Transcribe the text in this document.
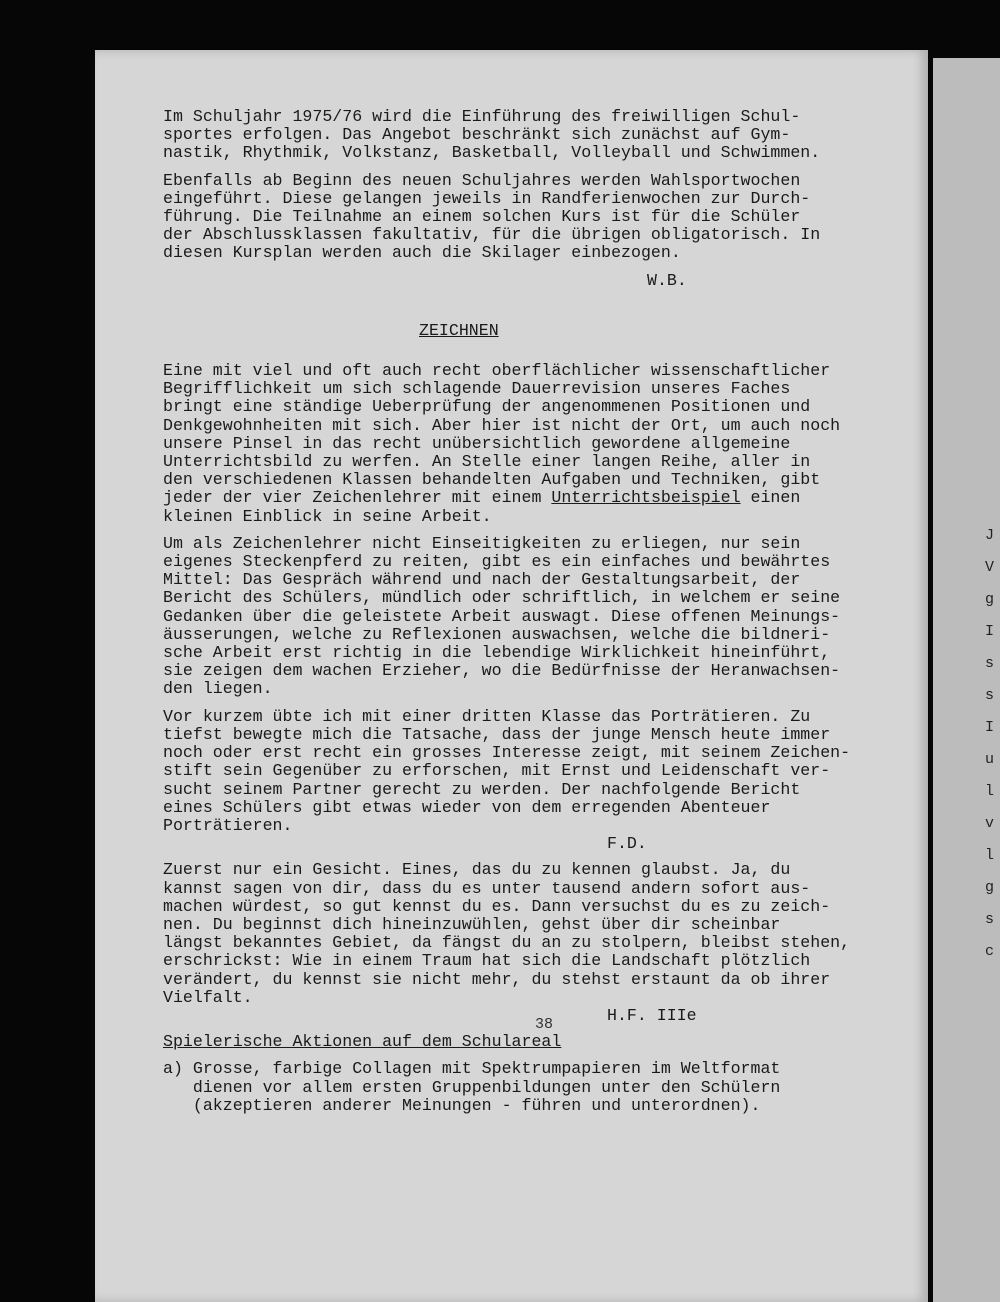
Im Schuljahr 1975/76 wird die Einführung des freiwilligen Schul-
sportes erfolgen. Das Angebot beschränkt sich zunächst auf Gym-
nastik, Rhythmik, Volkstanz, Basketball, Volleyball und Schwimmen.
Ebenfalls ab Beginn des neuen Schuljahres werden Wahlsportwochen
eingeführt. Diese gelangen jeweils in Randferienwochen zur Durch-
führung. Die Teilnahme an einem solchen Kurs ist für die Schüler
der Abschlussklassen fakultativ, für die übrigen obligatorisch. In
diesen Kursplan werden auch die Skilager einbezogen.
W.B.
ZEICHNEN
Eine mit viel und oft auch recht oberflächlicher wissenschaftlicher
Begrifflichkeit um sich schlagende Dauerrevision unseres Faches
bringt eine ständige Ueberprüfung der angenommenen Positionen und
Denkgewohnheiten mit sich. Aber hier ist nicht der Ort, um auch noch
unsere Pinsel in das recht unübersichtlich gewordene allgemeine
Unterrichtsbild zu werfen. An Stelle einer langen Reihe, aller in
den verschiedenen Klassen behandelten Aufgaben und Techniken, gibt
jeder der vier Zeichenlehrer mit einem Unterrichtsbeispiel einen
kleinen Einblick in seine Arbeit.
Um als Zeichenlehrer nicht Einseitigkeiten zu erliegen, nur sein
eigenes Steckenpferd zu reiten, gibt es ein einfaches und bewährtes
Mittel: Das Gespräch während und nach der Gestaltungsarbeit, der
Bericht des Schülers, mündlich oder schriftlich, in welchem er seine
Gedanken über die geleistete Arbeit auswagt. Diese offenen Meinungs-
äusserungen, welche zu Reflexionen auswachsen, welche die bildneri-
sche Arbeit erst richtig in die lebendige Wirklichkeit hineinführt,
sie zeigen dem wachen Erzieher, wo die Bedürfnisse der Heranwachsen-
den liegen.
Vor kurzem übte ich mit einer dritten Klasse das Porträtieren. Zu
tiefst bewegte mich die Tatsache, dass der junge Mensch heute immer
noch oder erst recht ein grosses Interesse zeigt, mit seinem Zeichen-
stift sein Gegenüber zu erforschen, mit Ernst und Leidenschaft ver-
sucht seinem Partner gerecht zu werden. Der nachfolgende Bericht
eines Schülers gibt etwas wieder von dem erregenden Abenteuer
Porträtieren.
F.D.
Zuerst nur ein Gesicht. Eines, das du zu kennen glaubst. Ja, du
kannst sagen von dir, dass du es unter tausend andern sofort aus-
machen würdest, so gut kennst du es. Dann versuchst du es zu zeich-
nen. Du beginnst dich hineinzuwühlen, gehst über dir scheinbar
längst bekanntes Gebiet, da fängst du an zu stolpern, bleibst stehen,
erschrickst: Wie in einem Traum hat sich die Landschaft plötzlich
verändert, du kennst sie nicht mehr, du stehst erstaunt da ob ihrer
Vielfalt.
H.F. IIIe
Spielerische Aktionen auf dem Schulareal
a) Grosse, farbige Collagen mit Spektrumpapieren im Weltformat
dienen vor allem ersten Gruppenbildungen unter den Schülern
(akzeptieren anderer Meinungen - führen und unterordnen).
38
J
V
g
I
s
s
I
u
l
v
l
g
s
c
